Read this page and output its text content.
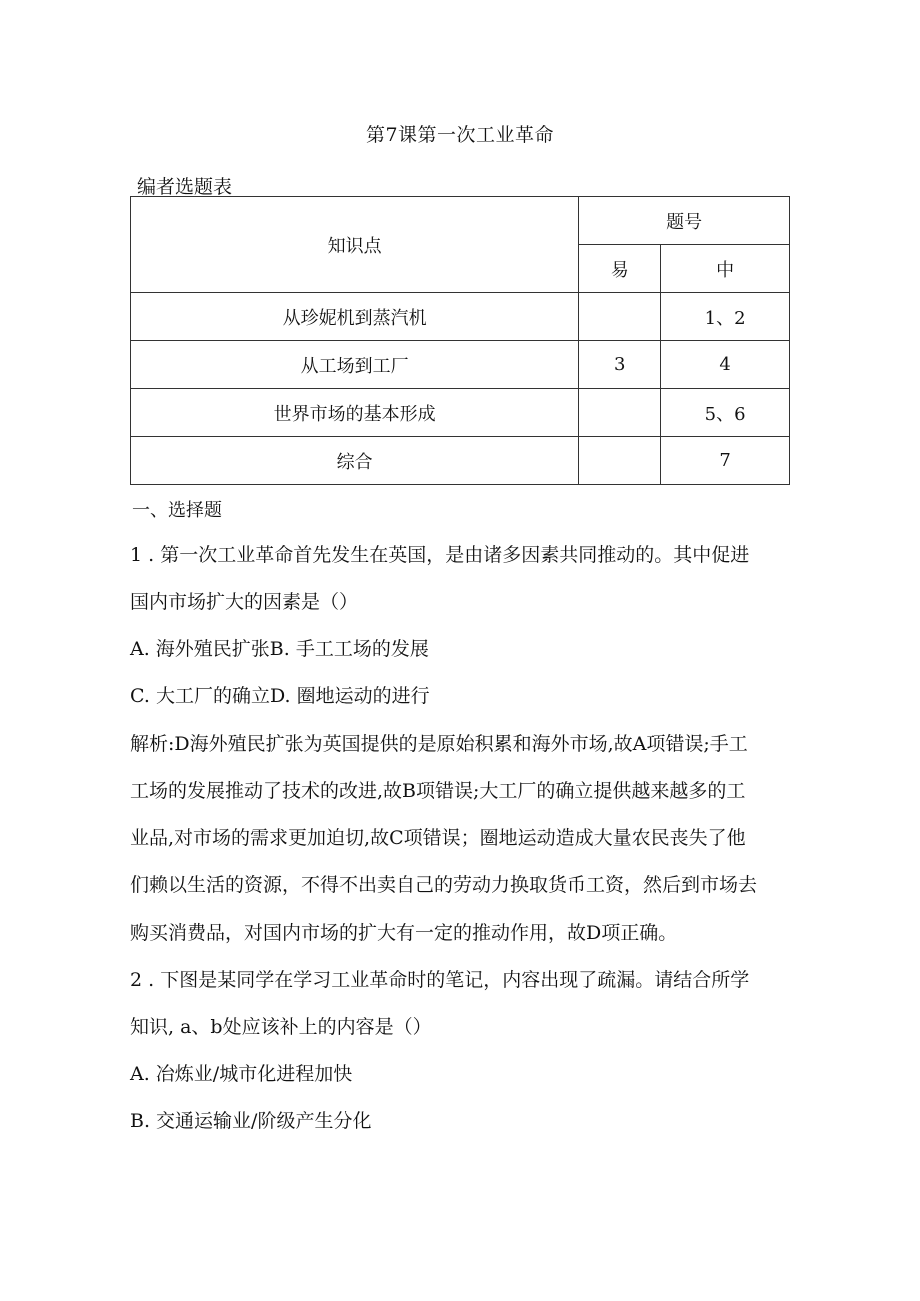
第7课第一次工业革命
编者选题表
知识点	题号	
	易	中
从珍妮机到蒸汽机		1、2
从工场到工厂	3	4
世界市场的基本形成		5、6
综合		7
一、选择题
1 . 第一次工业革命首先发生在英国，是由诸多因素共同推动的。其中促进
国内市场扩大的因素是（）
A. 海外殖民扩张B. 手工工场的发展
C. 大工厂的确立D. 圈地运动的进行
解析:D海外殖民扩张为英国提供的是原始积累和海外市场,故A项错误;手工
工场的发展推动了技术的改进,故B项错误;大工厂的确立提供越来越多的工
业品,对市场的需求更加迫切,故C项错误；圈地运动造成大量农民丧失了他
们赖以生活的资源，不得不出卖自己的劳动力换取货币工资，然后到市场去
购买消费品，对国内市场的扩大有一定的推动作用，故D项正确。
2 . 下图是某同学在学习工业革命时的笔记，内容出现了疏漏。请结合所学
知识, a、b处应该补上的内容是（）
A. 冶炼业/城市化进程加快
B. 交通运输业/阶级产生分化
